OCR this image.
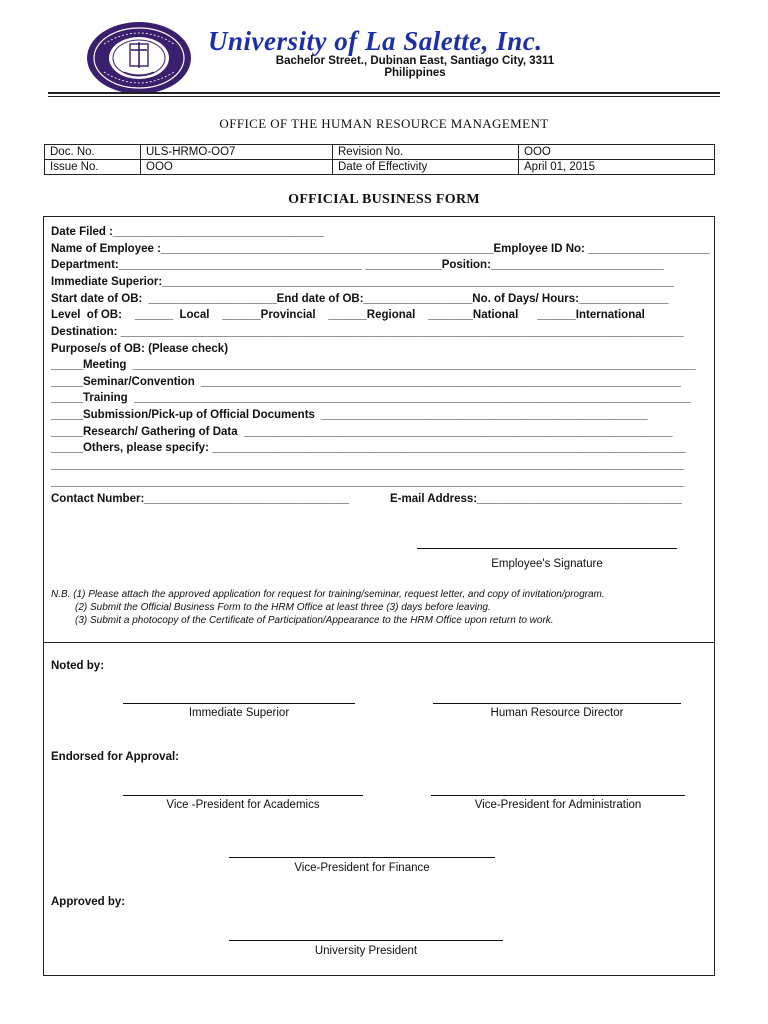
University of La Salette, Inc.
Bachelor Street., Dubinan East, Santiago City, 3311
Philippines
OFFICE OF THE HUMAN RESOURCE MANAGEMENT
Doc. No.	ULS-HRMO-OO7	Revision No.	OOO
Issue No.	OOO	Date of Effectivity	April 01, 2015
OFFICIAL BUSINESS FORM
Date Filed :_________________________________
Name of Employee :____________________________________________________Employee ID No: ___________________
Department:______________________________________ ____________Position:___________________________
Immediate Superior:________________________________________________________________________________
Start date of OB:  ____________________End date of OB:_________________No. of Days/ Hours:______________
Level  of OB:    ______  Local    ______Provincial    ______Regional    _______National      ______International
Destination: ________________________________________________________________________________________
Purpose/s of OB: (Please check)
_____Meeting  ________________________________________________________________________________________
_____Seminar/Convention  ___________________________________________________________________________
_____Training  _______________________________________________________________________________________
_____Submission/Pick-up of Official Documents  ___________________________________________________
_____Research/ Gathering of Data  ___________________________________________________________________
_____Others, please specify: __________________________________________________________________________
___________________________________________________________________________________________________
___________________________________________________________________________________________________
Contact Number:________________________________	E-mail Address:________________________________
Employee's Signature
N.B. (1) Please attach the approved application for request for training/seminar, request letter, and copy of invitation/program.
(2) Submit the Official Business Form to the HRM Office at least three (3) days before leaving.
(3) Submit a photocopy of the Certificate of Participation/Appearance to the HRM Office upon return to work.
Noted by:
Immediate Superior	Human Resource Director
Endorsed for Approval:
Vice -President for Academics	Vice-President for Administration
Vice-President for Finance
Approved by:
University President
